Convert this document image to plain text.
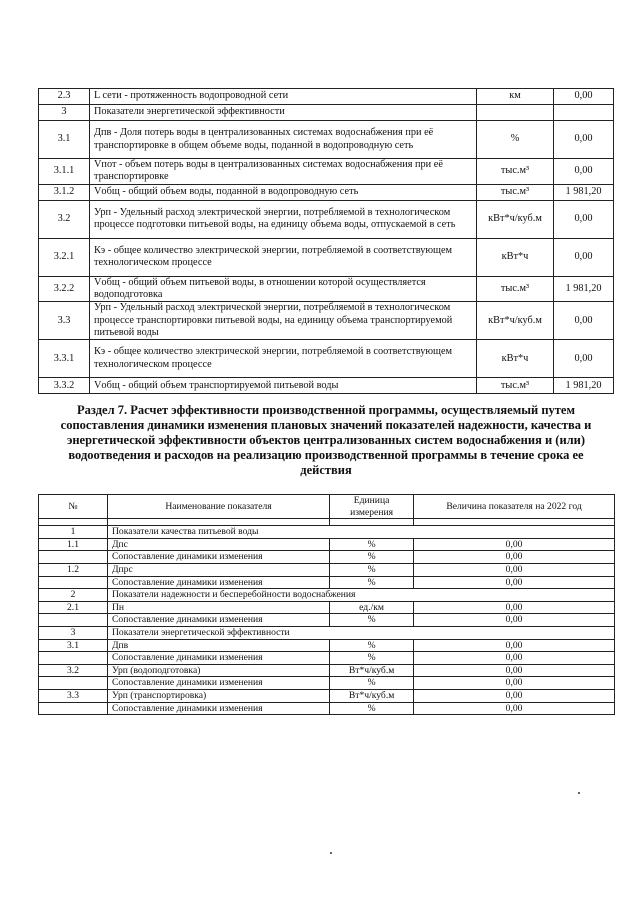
2.3	L сети - протяженность водопроводной сети	км	0,00
3	Показатели энергетической эффективности		
3.1	Дпв - Доля потерь воды в централизованных системах водоснабжения при её транспортировке в общем объеме воды, поданной в водопроводную сеть	%	0,00
3.1.1	Vпот - объем потерь воды в централизованных системах водоснабжения при её транспортировке	тыс.м³	0,00
3.1.2	Vобщ - общий объем воды, поданной в водопроводную сеть	тыс.м³	1 981,20
3.2	Урп - Удельный расход электрической энергии, потребляемой в технологическом процессе подготовки питьевой воды, на единицу объема воды, отпускаемой в сеть	кВт*ч/куб.м	0,00
3.2.1	Кэ - общее количество электрической энергии, потребляемой в соответствующем технологическом процессе	кВт*ч	0,00
3.2.2	Vобщ - общий объем питьевой воды, в отношении которой осуществляется водоподготовка	тыс.м³	1 981,20
3.3	Урп - Удельный расход электрической энергии, потребляемой в технологическом процессе транспортировки питьевой воды, на единицу объема транспортируемой питьевой воды	кВт*ч/куб.м	0,00
3.3.1	Кэ - общее количество электрической энергии, потребляемой в соответствующем технологическом процессе	кВт*ч	0,00
3.3.2	Vобщ - общий объем транспортируемой питьевой воды	тыс.м³	1 981,20
Раздел 7. Расчет эффективности производственной программы, осуществляемый путем сопоставления динамики изменения плановых значений показателей надежности, качества и энергетической эффективности объектов централизованных систем водоснабжения и (или) водоотведения и расходов на реализацию производственной программы в течение срока ее действия
№	Наименование показателя	Единица измерения	Величина показателя на 2022 год

1	Показатели качества питьевой воды		
1.1	Дпс	%	0,00
	Сопоставление динамики изменения	%	0,00
1.2	Дпрс	%	0,00
	Сопоставление динамики изменения	%	0,00
2	Показатели надежности и бесперебойности водоснабжения		
2.1	Пн	ед./км	0,00
	Сопоставление динамики изменения	%	0,00
3	Показатели энергетической эффективности		
3.1	Дпв	%	0,00
	Сопоставление динамики изменения	%	0,00
3.2	Урп (водоподготовка)	Вт*ч/куб.м	0,00
	Сопоставление динамики изменения	%	0,00
3.3	Урп (транспортировка)	Вт*ч/куб.м	0,00
	Сопоставление динамики изменения	%	0,00
